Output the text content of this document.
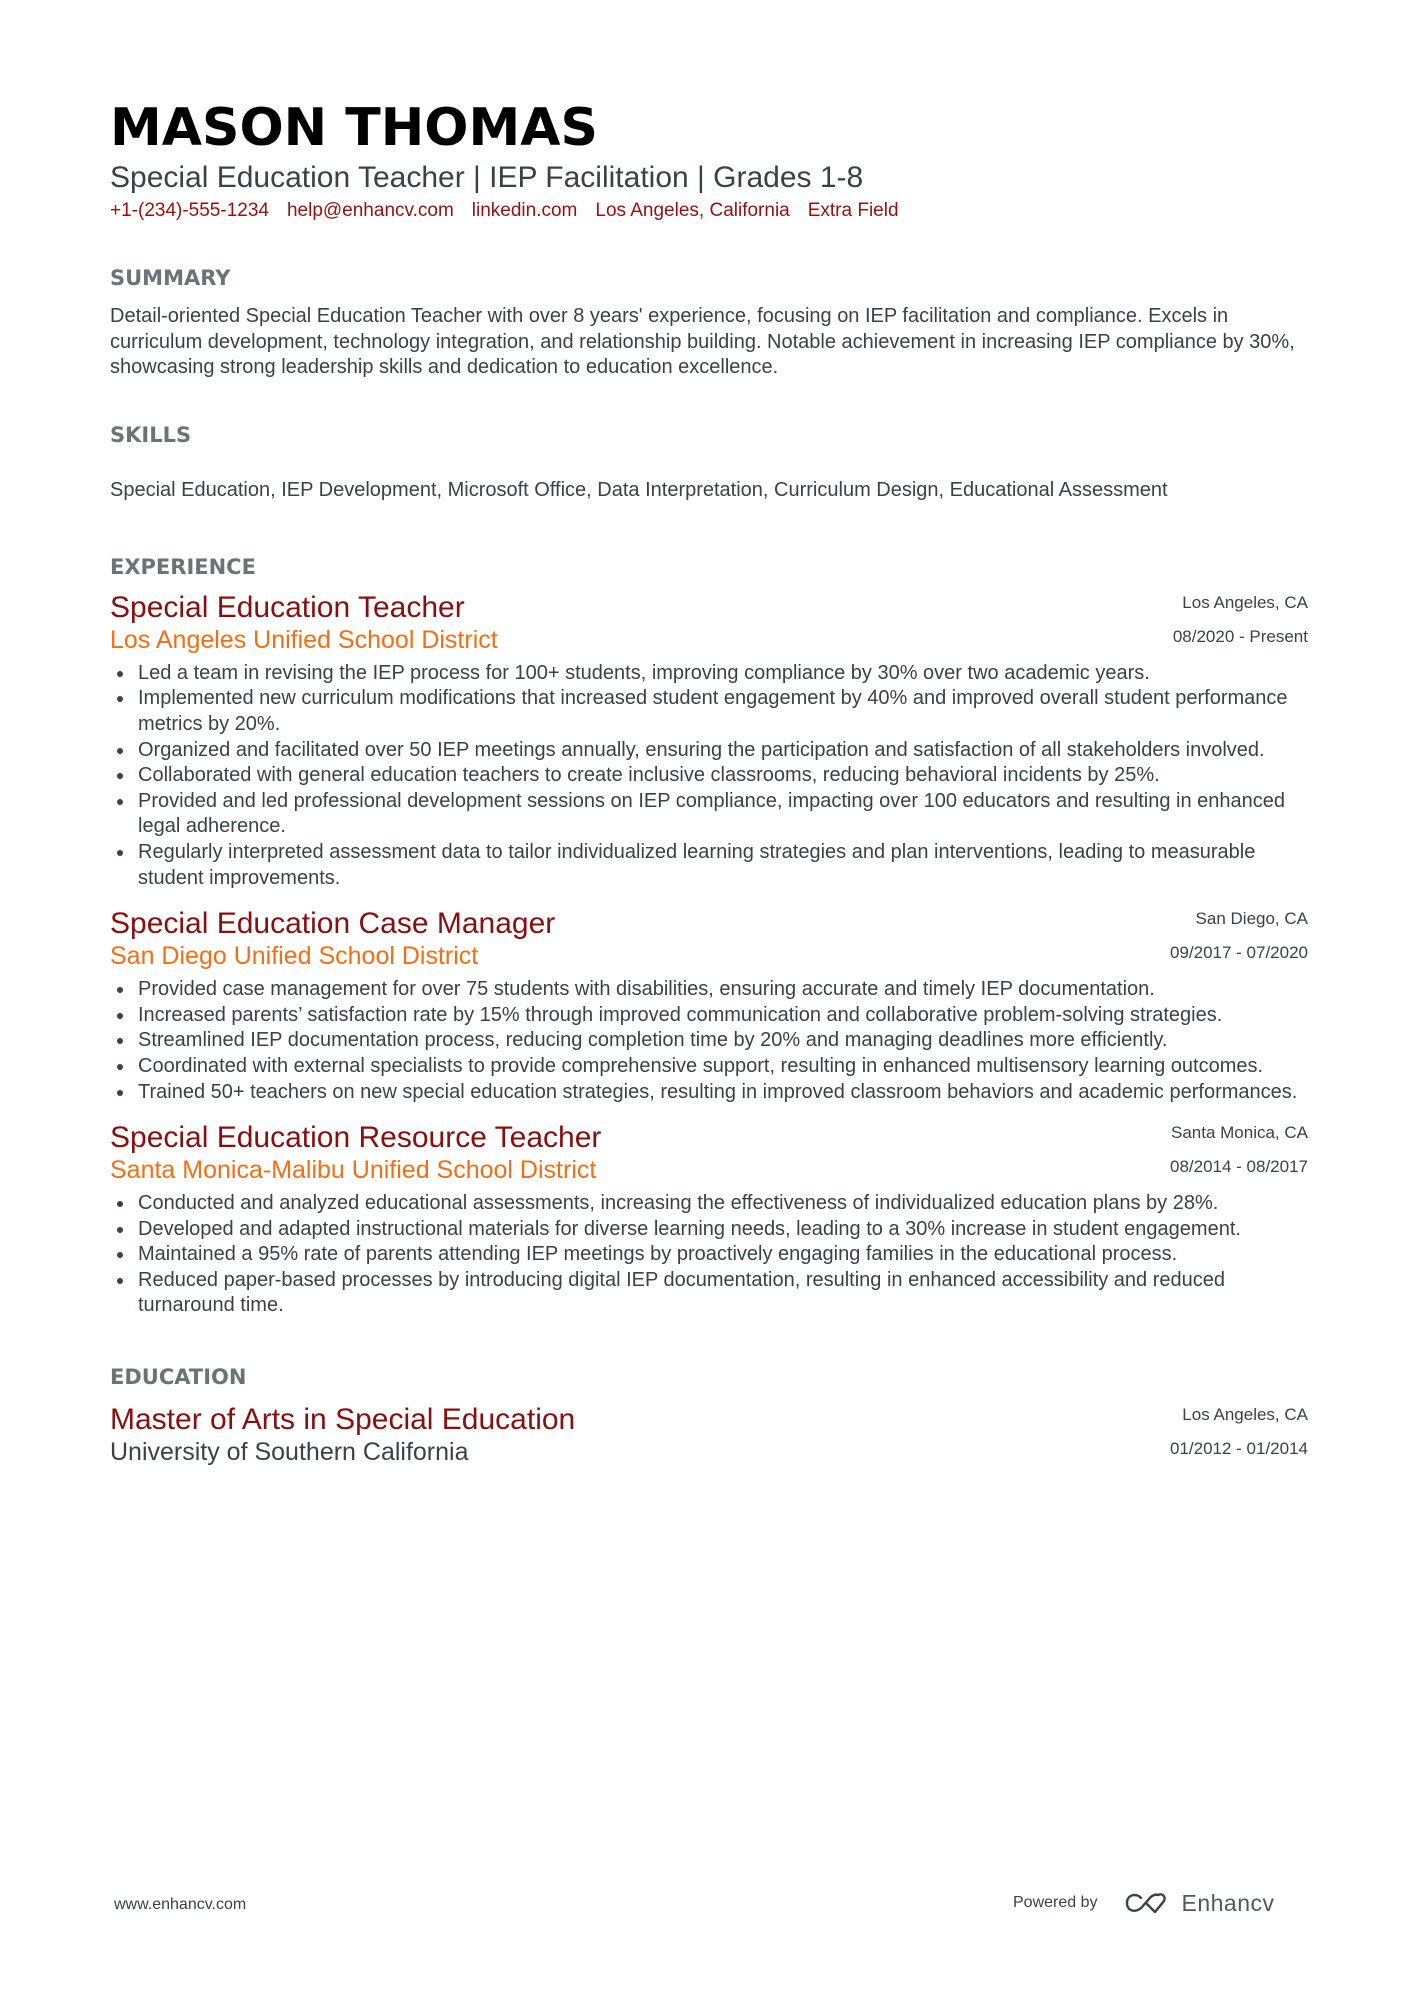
MASON THOMAS
Special Education Teacher | IEP Facilitation | Grades 1-8
+1-(234)-555-1234 help@enhancv.com linkedin.com Los Angeles, California Extra Field
SUMMARY
Detail-oriented Special Education Teacher with over 8 years' experience, focusing on IEP facilitation and compliance. Excels in curriculum development, technology integration, and relationship building. Notable achievement in increasing IEP compliance by 30%, showcasing strong leadership skills and dedication to education excellence.
SKILLS
Special Education, IEP Development, Microsoft Office, Data Interpretation, Curriculum Design, Educational Assessment
EXPERIENCE
Special Education Teacher
Los Angeles Unified School District
Los Angeles, CA
08/2020 - Present
Led a team in revising the IEP process for 100+ students, improving compliance by 30% over two academic years.
Implemented new curriculum modifications that increased student engagement by 40% and improved overall student performance metrics by 20%.
Organized and facilitated over 50 IEP meetings annually, ensuring the participation and satisfaction of all stakeholders involved.
Collaborated with general education teachers to create inclusive classrooms, reducing behavioral incidents by 25%.
Provided and led professional development sessions on IEP compliance, impacting over 100 educators and resulting in enhanced legal adherence.
Regularly interpreted assessment data to tailor individualized learning strategies and plan interventions, leading to measurable student improvements.
Special Education Case Manager
San Diego Unified School District
San Diego, CA
09/2017 - 07/2020
Provided case management for over 75 students with disabilities, ensuring accurate and timely IEP documentation.
Increased parents’ satisfaction rate by 15% through improved communication and collaborative problem-solving strategies.
Streamlined IEP documentation process, reducing completion time by 20% and managing deadlines more efficiently.
Coordinated with external specialists to provide comprehensive support, resulting in enhanced multisensory learning outcomes.
Trained 50+ teachers on new special education strategies, resulting in improved classroom behaviors and academic performances.
Special Education Resource Teacher
Santa Monica-Malibu Unified School District
Santa Monica, CA
08/2014 - 08/2017
Conducted and analyzed educational assessments, increasing the effectiveness of individualized education plans by 28%.
Developed and adapted instructional materials for diverse learning needs, leading to a 30% increase in student engagement.
Maintained a 95% rate of parents attending IEP meetings by proactively engaging families in the educational process.
Reduced paper-based processes by introducing digital IEP documentation, resulting in enhanced accessibility and reduced turnaround time.
EDUCATION
Master of Arts in Special Education
University of Southern California
Los Angeles, CA
01/2012 - 01/2014
www.enhancv.com	Powered by	Enhancv
